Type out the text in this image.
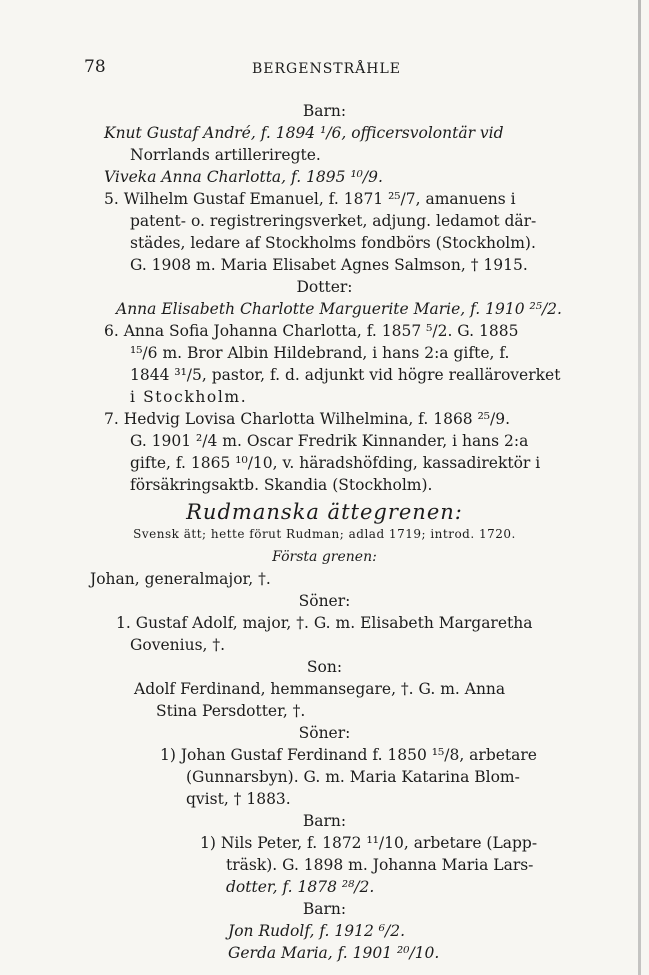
78	BERGENSTRÅHLE
Barn:
Knut Gustaf André, f. 1894 ¹/6, officersvolontär vid
Norrlands artilleriregte.
Viveka Anna Charlotta, f. 1895 ¹⁰/9.
5. Wilhelm Gustaf Emanuel, f. 1871 ²⁵/7, amanuens i
patent- o. registreringsverket, adjung. ledamot där-
städes, ledare af Stockholms fondbörs (Stockholm).
G. 1908 m. Maria Elisabet Agnes Salmson, † 1915.
Dotter:
Anna Elisabeth Charlotte Marguerite Marie, f. 1910 ²⁵/2.
6. Anna Sofia Johanna Charlotta, f. 1857 ⁵/2. G. 1885
¹⁵/6 m. Bror Albin Hildebrand, i hans 2:a gifte, f.
1844 ³¹/5, pastor, f. d. adjunkt vid högre realläroverket
i Stockholm.
7. Hedvig Lovisa Charlotta Wilhelmina, f. 1868 ²⁵/9.
G. 1901 ²/4 m. Oscar Fredrik Kinnander, i hans 2:a
gifte, f. 1865 ¹⁰/10, v. häradshöfding, kassadirektör i
försäkringsaktb. Skandia (Stockholm).
Rudmanska ättegrenen:
Svensk ätt; hette förut Rudman; adlad 1719; introd. 1720.
Första grenen:
Johan, generalmajor, †.
Söner:
1. Gustaf Adolf, major, †. G. m. Elisabeth Margaretha
Govenius, †.
Son:
Adolf Ferdinand, hemmansegare, †. G. m. Anna
Stina Persdotter, †.
Söner:
1) Johan Gustaf Ferdinand f. 1850 ¹⁵/8, arbetare
(Gunnarsbyn). G. m. Maria Katarina Blom-
qvist, † 1883.
Barn:
1) Nils Peter, f. 1872 ¹¹/10, arbetare (Lapp-
träsk). G. 1898 m. Johanna Maria Lars-
dotter, f. 1878 ²⁸/2.
Barn:
Jon Rudolf, f. 1912 ⁶/2.
Gerda Maria, f. 1901 ²⁰/10.
